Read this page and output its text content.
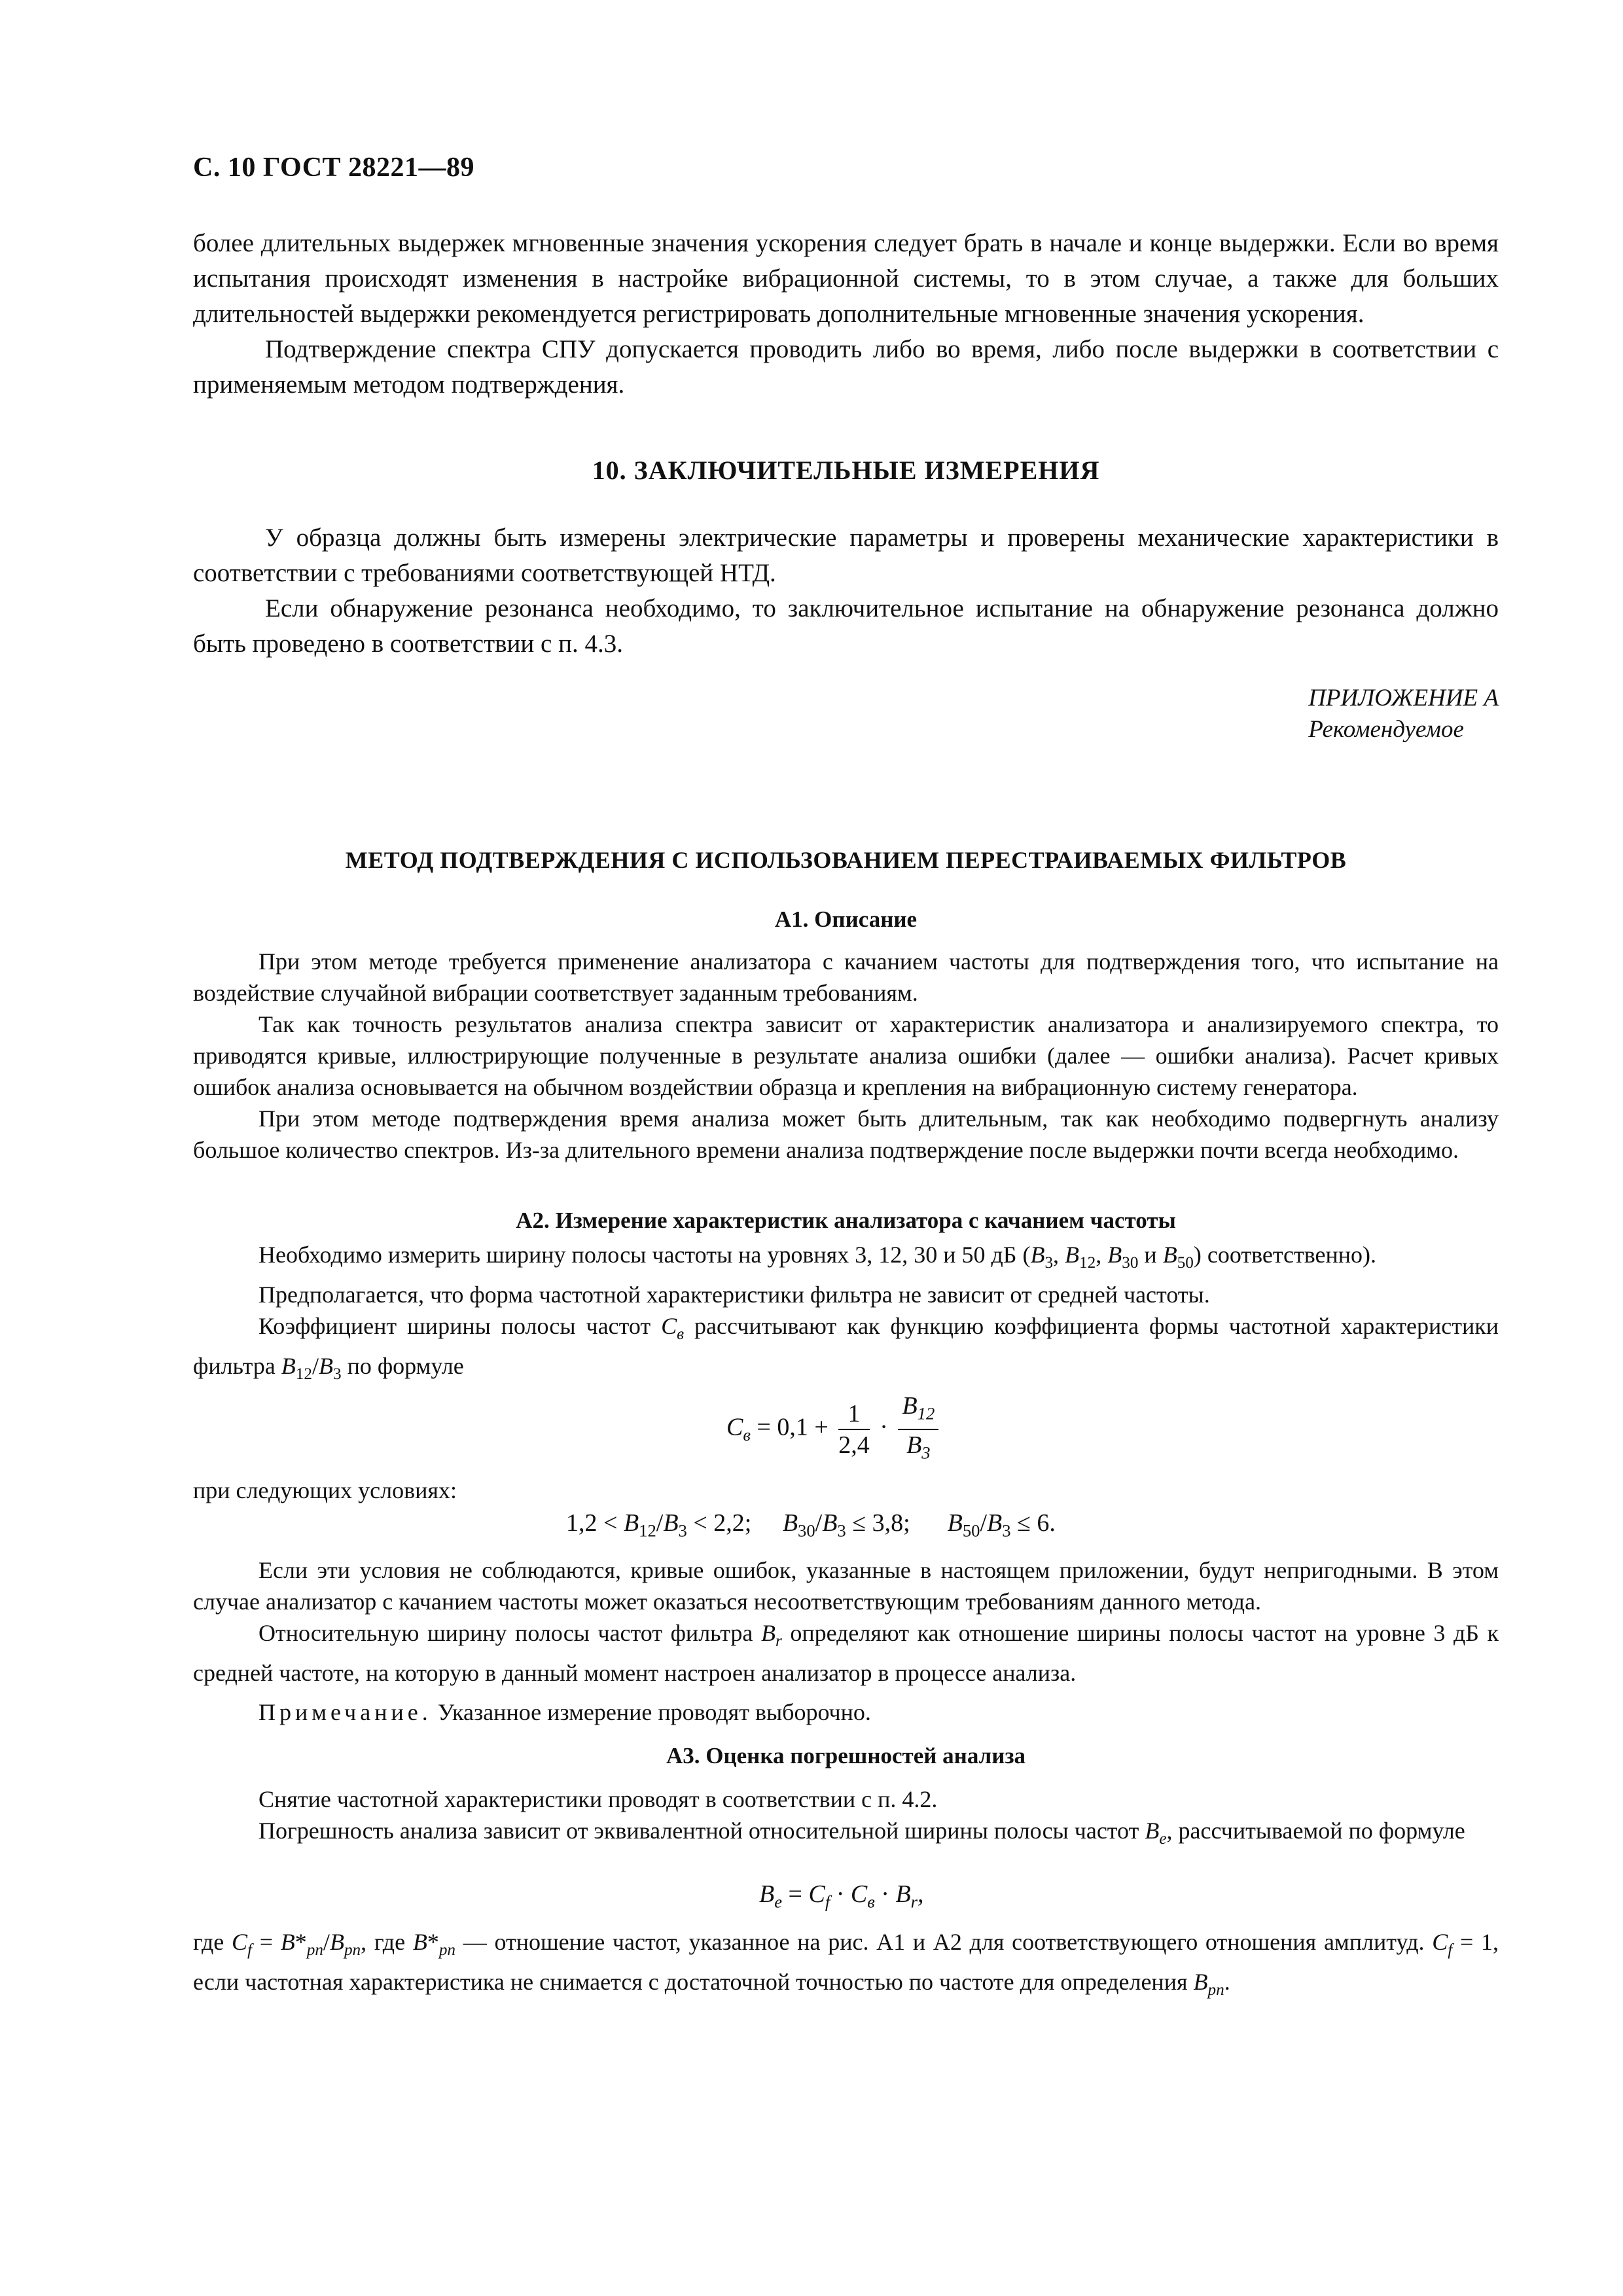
С. 10 ГОСТ 28221—89

более длительных выдержек мгновенные значения ускорения следует брать в начале и конце выдержки. Если во время испытания происходят изменения в настройке вибрационной системы, то в этом случае, а также для больших длительностей выдержки рекомендуется регистрировать дополнительные мгновенные значения ускорения.

Подтверждение спектра СПУ допускается проводить либо во время, либо после выдержки в соответствии с применяемым методом подтверждения.

10. ЗАКЛЮЧИТЕЛЬНЫЕ ИЗМЕРЕНИЯ

У образца должны быть измерены электрические параметры и проверены механические характеристики в соответствии с требованиями соответствующей НТД.

Если обнаружение резонанса необходимо, то заключительное испытание на обнаружение резонанса должно быть проведено в соответствии с п. 4.3.

ПРИЛОЖЕНИЕ А
Рекомендуемое
МЕТОД ПОДТВЕРЖДЕНИЯ С ИСПОЛЬЗОВАНИЕМ ПЕРЕСТРАИВАЕМЫХ ФИЛЬТРОВ
А1. Описание

При этом методе требуется применение анализатора с качанием частоты для подтверждения того, что испытание на воздействие случайной вибрации соответствует заданным требованиям.

Так как точность результатов анализа спектра зависит от характеристик анализатора и анализируемого спектра, то приводятся кривые, иллюстрирующие полученные в результате анализа ошибки (далее — ошибки анализа). Расчет кривых ошибок анализа основывается на обычном воздействии образца и крепления на вибрационную систему генератора.

При этом методе подтверждения время анализа может быть длительным, так как необходимо подвергнуть анализу большое количество спектров. Из-за длительного времени анализа подтверждение после выдержки почти всегда необходимо.

А2. Измерение характеристик анализатора с качанием частоты

Необходимо измерить ширину полосы частоты на уровнях 3, 12, 30 и 50 дБ ($B_3$, $B_{12}$, $B_{30}$ и $B_{50}$) соответственно).

Предполагается, что форма частотной характеристики фильтра не зависит от средней частоты.

Коэффициент ширины полосы частот $C_в$ рассчитывают как функцию коэффициента формы частотной характеристики фильтра $B_{12}/B_3$ по формуле

$C_в = 0,1 + \frac{1}{2,4} \cdot \frac{B_{12}}{B_3}$

при следующих условиях:

$1,2 < B_{12}/B_3 < 2,2$;     $B_{30}/B_3 \le 3,8$;      $B_{50}/B_3 \le 6$.

Если эти условия не соблюдаются, кривые ошибок, указанные в настоящем приложении, будут непригодными. В этом случае анализатор с качанием частоты может оказаться несоответствующим требованиям данного метода.

Относительную ширину полосы частот фильтра $B_r$ определяют как отношение ширины полосы частот на уровне 3 дБ к средней частоте, на которую в данный момент настроен анализатор в процессе анализа.

Примечание. Указанное измерение проводят выборочно.

А3. Оценка погрешностей анализа

Снятие частотной характеристики проводят в соответствии с п. 4.2.

Погрешность анализа зависит от эквивалентной относительной ширины полосы частот $B_e$, рассчитываемой по формуле

$B_e = C_f \cdot C_в \cdot B_r$,

где $C_f = B*_{pn}/B_{pn}$, где $B*_{pn}$ — отношение частот, указанное на рис. А1 и А2 для соответствующего отношения амплитуд. $C_f = 1$, если частотная характеристика не снимается с достаточной точностью по частоте для определения $B_{pn}$.
